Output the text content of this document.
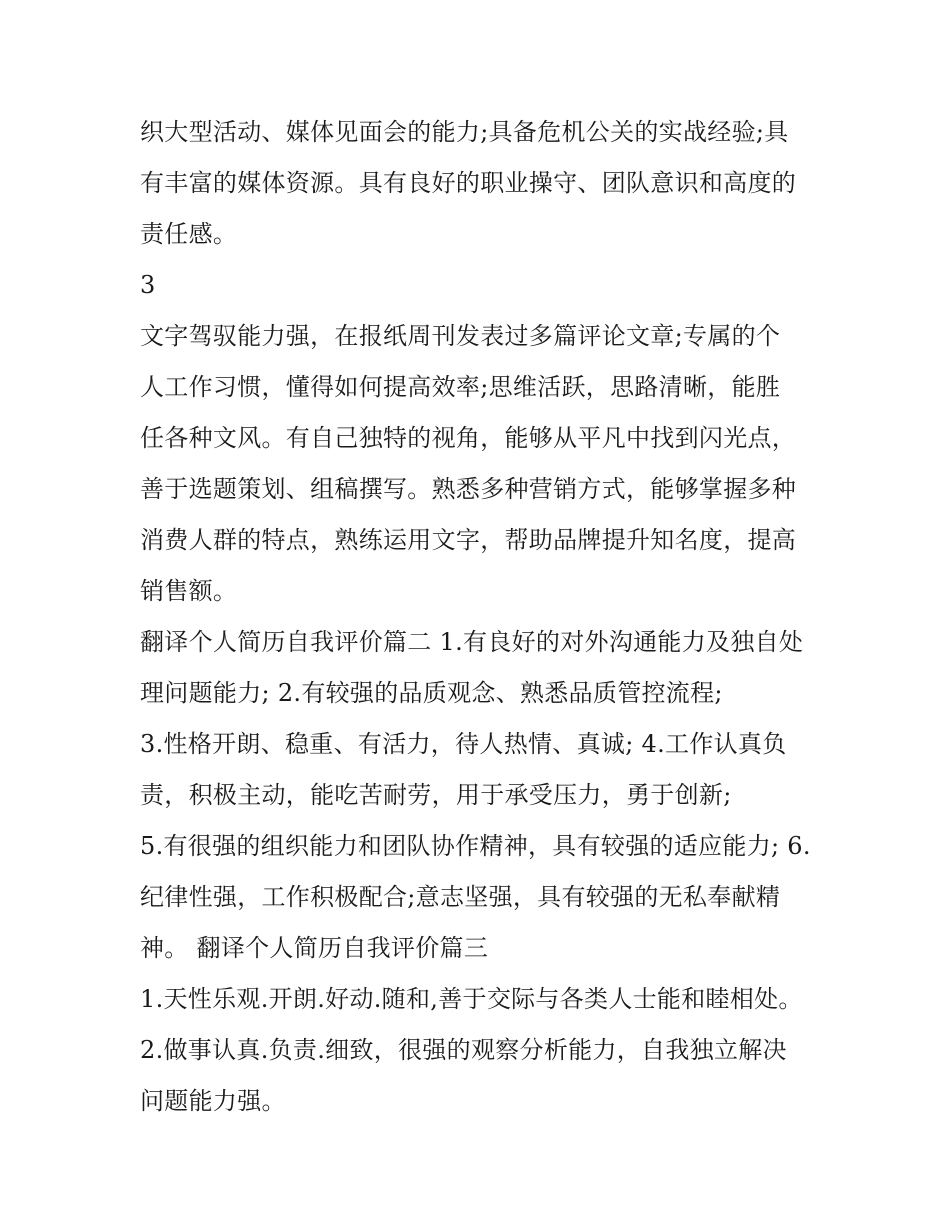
织大型活动、媒体见面会的能力;具备危机公关的实战经验;具
有丰富的媒体资源。具有良好的职业操守、团队意识和高度的
责任感。
3
文字驾驭能力强，在报纸周刊发表过多篇评论文章;专属的个
人工作习惯，懂得如何提高效率;思维活跃，思路清晰，能胜
任各种文风。有自己独特的视角，能够从平凡中找到闪光点，
善于选题策划、组稿撰写。熟悉多种营销方式，能够掌握多种
消费人群的特点，熟练运用文字，帮助品牌提升知名度，提高
销售额。
翻译个人简历自我评价篇二 1.有良好的对外沟通能力及独自处
理问题能力; 2.有较强的品质观念、熟悉品质管控流程;
3.性格开朗、稳重、有活力，待人热情、真诚; 4.工作认真负
责，积极主动，能吃苦耐劳，用于承受压力，勇于创新;
5.有很强的组织能力和团队协作精神，具有较强的适应能力; 6.
纪律性强，工作积极配合;意志坚强，具有较强的无私奉献精
神。 翻译个人简历自我评价篇三
1.天性乐观.开朗.好动.随和,善于交际与各类人士能和睦相处。
2.做事认真.负责.细致，很强的观察分析能力，自我独立解决
问题能力强。
